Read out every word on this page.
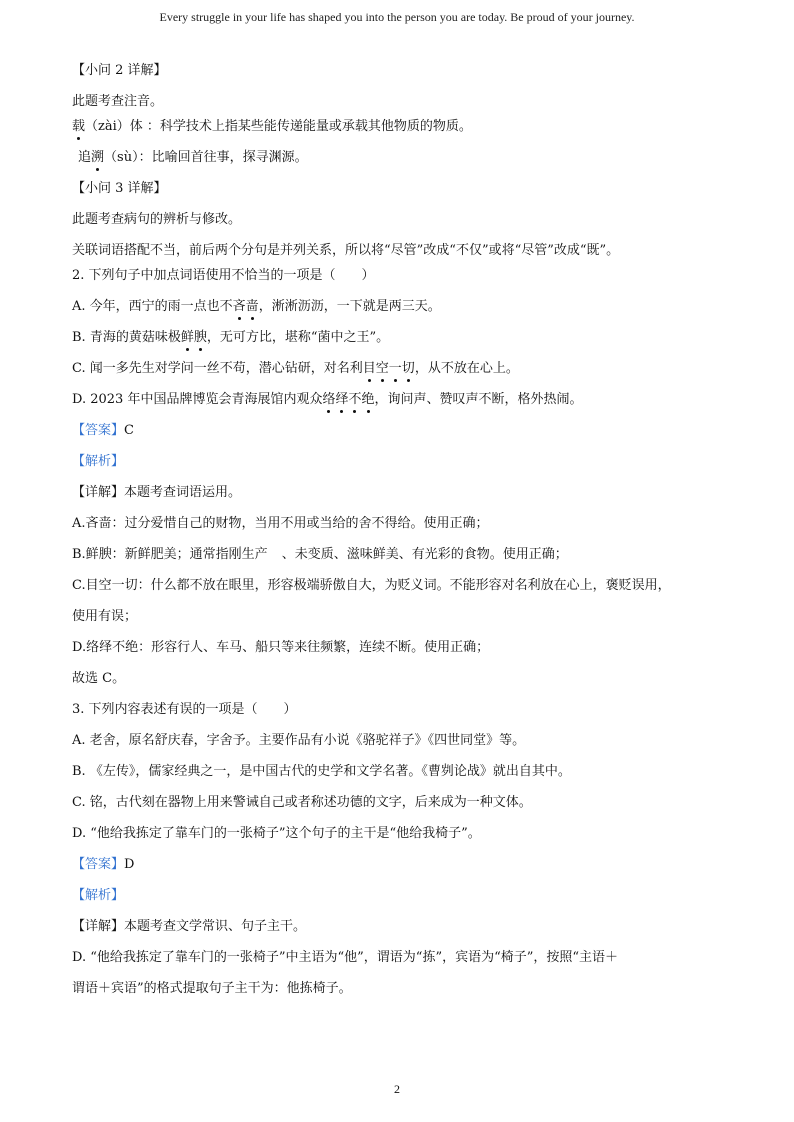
Every struggle in your life has shaped you into the person you are today. Be proud of your journey.
【小问 2 详解】
此题考查注音。
载（zài）体 ：科学技术上指某些能传递能量或承载其他物质的物质。
追溯（sù）：比喻回首往事，探寻渊源。
【小问 3 详解】
此题考查病句的辨析与修改。
关联词语搭配不当，前后两个分句是并列关系，所以将“尽管”改成“不仅”或将“尽管”改成“既”。
2. 下列句子中加点词语使用不恰当的一项是（　　）
A. 今年，西宁的雨一点也不吝啬，淅淅沥沥，一下就是两三天。
B. 青海的黄菇味极鲜腴，无可方比，堪称“菌中之王”。
C. 闻一多先生对学问一丝不苟，潜心钻研，对名利目空一切，从不放在心上。
D. 2023 年中国品牌博览会青海展馆内观众络绎不绝，询问声、赞叹声不断，格外热闹。
【答案】C
【解析】
【详解】本题考查词语运用。
A.吝啬：过分爱惜自己的财物，当用不用或当给的舍不得给。使用正确；
B.鲜腴：新鲜肥美；通常指刚生产 、未变质、滋味鲜美、有光彩的食物。使用正确；
C.目空一切：什么都不放在眼里，形容极端骄傲自大，为贬义词。不能形容对名利放在心上，褒贬误用，
使用有误；
D.络绎不绝：形容行人、车马、船只等来往频繁，连续不断。使用正确；
故选 C。
3. 下列内容表述有误的一项是（　　）
A. 老舍，原名舒庆春，字舍予。主要作品有小说《骆驼祥子》《四世同堂》等。
B. 《左传》，儒家经典之一，是中国古代的史学和文学名著。《曹刿论战》就出自其中。
C. 铭，古代刻在器物上用来警诫自己或者称述功德的文字，后来成为一种文体。
D. “他给我拣定了靠车门的一张椅子”这个句子的主干是“他给我椅子”。
【答案】D
【解析】
【详解】本题考查文学常识、句子主干。
D. “他给我拣定了靠车门的一张椅子”中主语为“他”，谓语为“拣”，宾语为“椅子”，按照“主语＋
谓语＋宾语”的格式提取句子主干为：他拣椅子。
2
